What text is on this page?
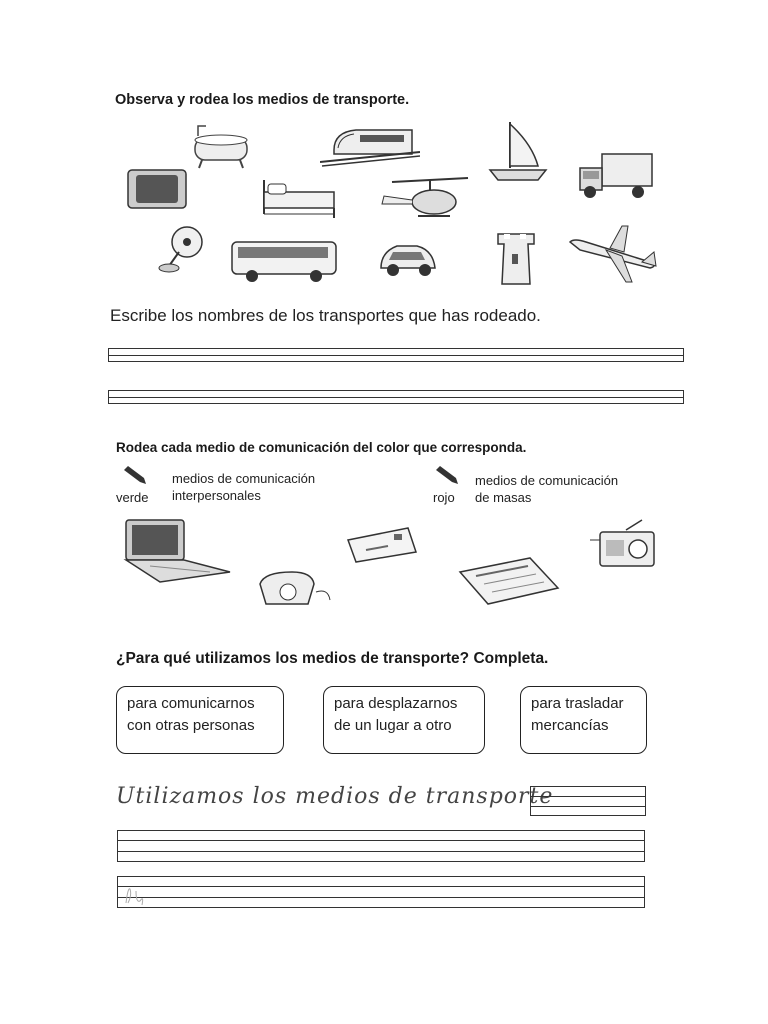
Observa y rodea los medios de transporte.
Escribe los nombres de los transportes que has rodeado.
Rodea cada medio de comunicación del color que corresponda.
verde
medios de comunicación
interpersonales	rojo
medios de comunicación
de masas
¿Para qué utilizamos los medios de transporte? Completa.
para comunicarnos
con otras personas
para desplazarnos
de un lugar a otro
para trasladar
mercancías
Utilizamos los medios de transporte
